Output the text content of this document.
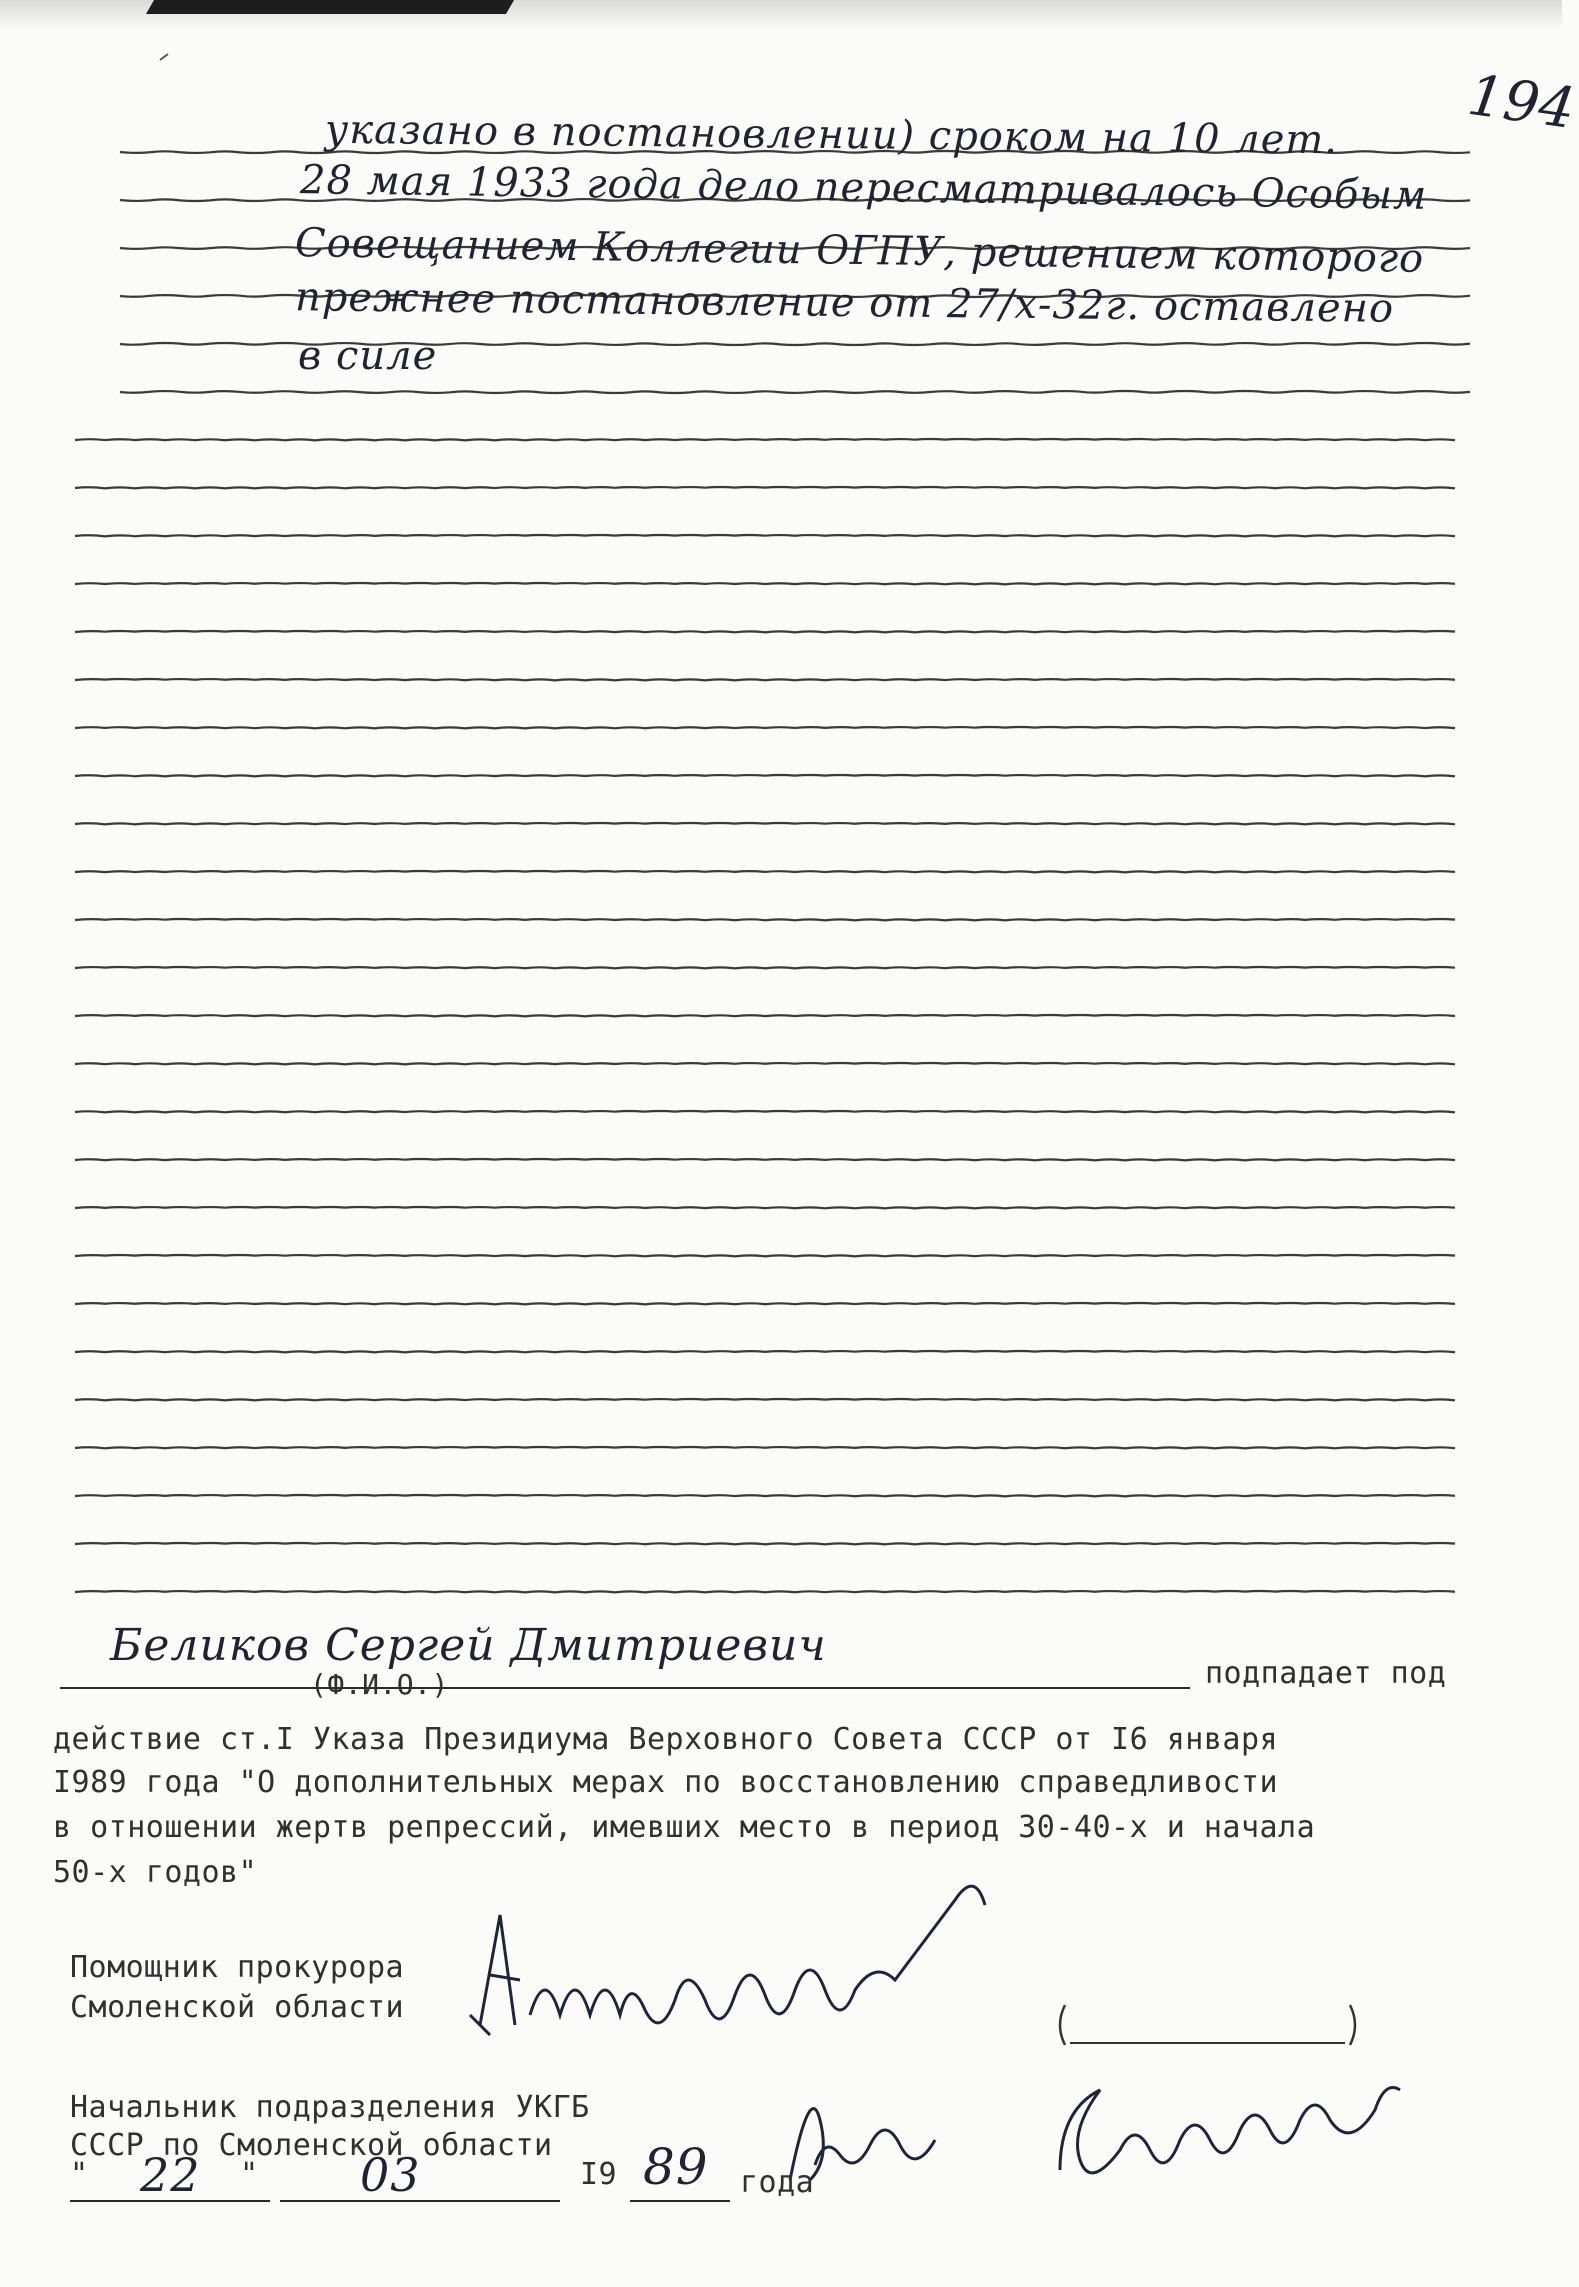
194
указано в постановлении) сроком на 10 лет.
28 мая 1933 года дело пересматривалось Особым
Совещанием Коллегии ОГПУ, решением которого
прежнее постановление от 27/х-32г. оставлено
в силе
Беликов Сергей Дмитриевич
(Ф.И.О.)	подпадает под
действие ст.I Указа Президиума Верховного Совета СССР от I6 января
I989 года "О дополнительных мерах по восстановлению справедливости
в отношении жертв репрессий, имевших место в период 30-40-х и начала
50-х годов"
Помощник прокурора
Смоленской области
Начальник подразделения УКГБ
СССР по Смоленской области
" 22 " 03	I9 89 года
